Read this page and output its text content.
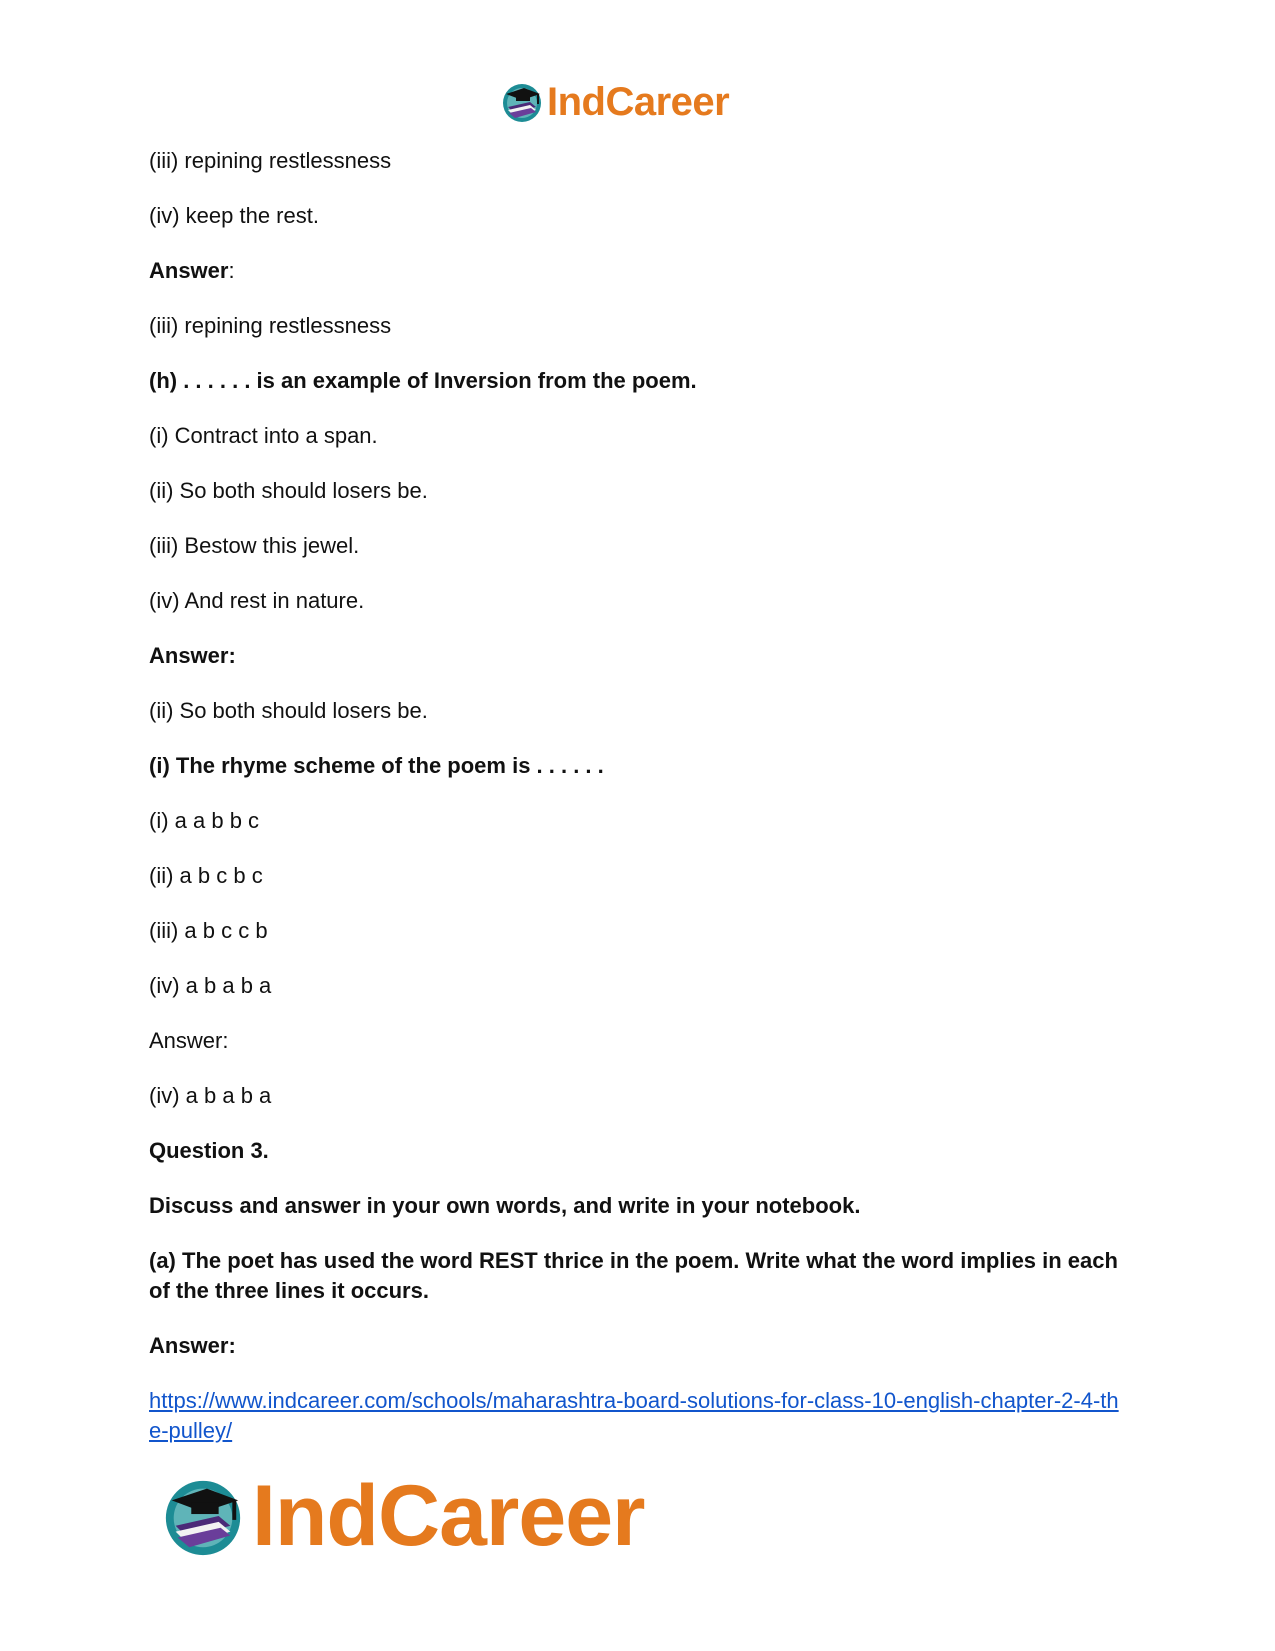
IndCareer
(iii) repining restlessness
(iv) keep the rest.
Answer:
(iii) repining restlessness
(h) . . . . . . is an example of Inversion from the poem.
(i) Contract into a span.
(ii) So both should losers be.
(iii) Bestow this jewel.
(iv) And rest in nature.
Answer:
(ii) So both should losers be.
(i) The rhyme scheme of the poem is . . . . . .
(i) a a b b c
(ii) a b c b c
(iii) a b c c b
(iv) a b a b a
Answer:
(iv) a b a b a
Question 3.
Discuss and answer in your own words, and write in your notebook.
(a) The poet has used the word REST thrice in the poem. Write what the word implies in each of the three lines it occurs.
Answer:
https://www.indcareer.com/schools/maharashtra-board-solutions-for-class-10-english-chapter-2-4-the-pulley/
IndCareer
